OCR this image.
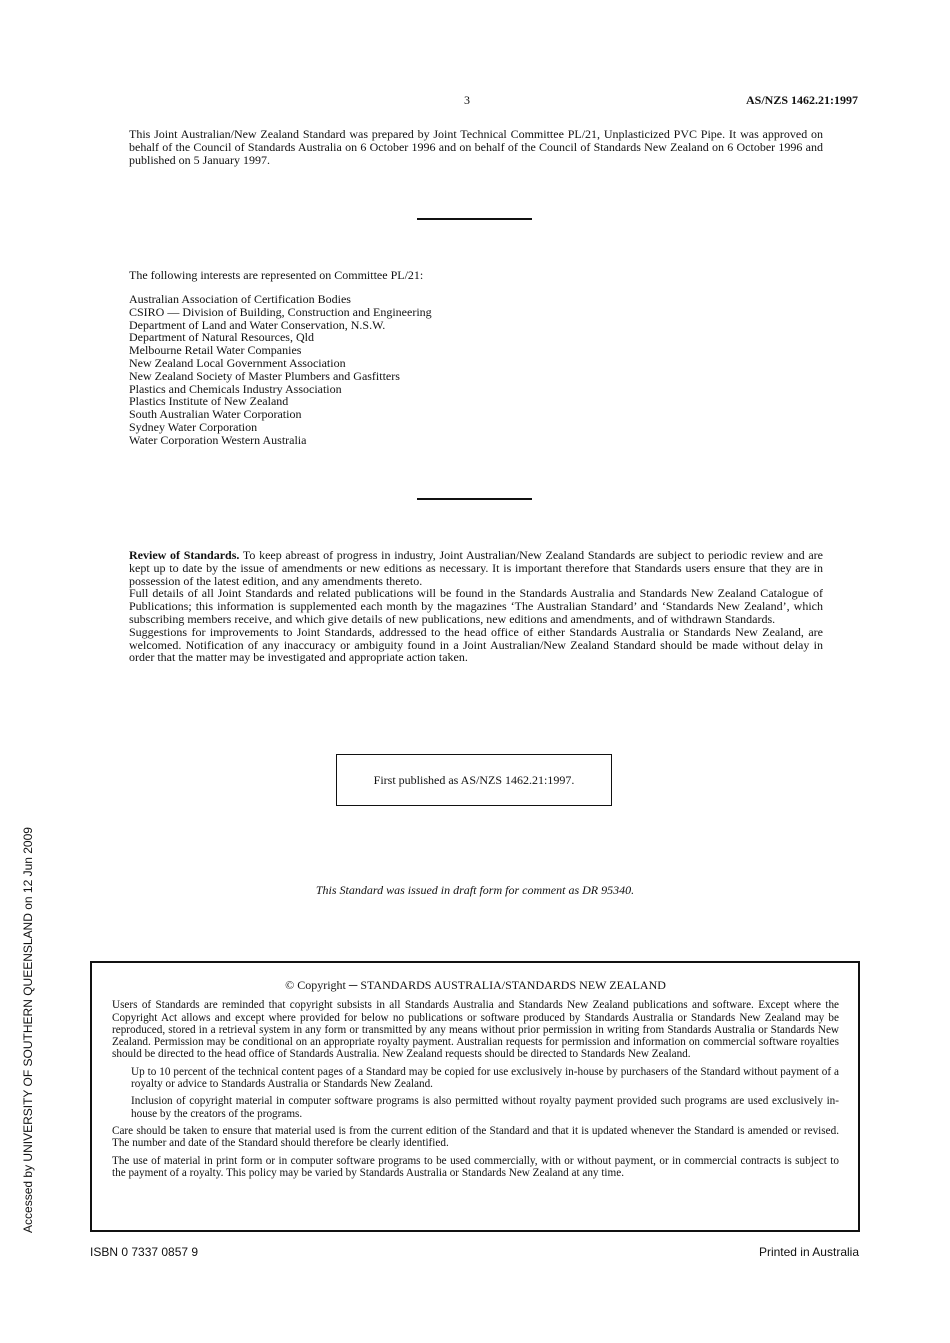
3	AS/NZS 1462.21:1997

This Joint Australian/New Zealand Standard was prepared by Joint Technical Committee PL/21, Unplasticized PVC Pipe. It was approved on behalf of the Council of Standards Australia on 6 October 1996 and on behalf of the Council of Standards New Zealand on 6 October 1996 and published on 5 January 1997.

The following interests are represented on Committee PL/21:

Australian Association of Certification Bodies
CSIRO — Division of Building, Construction and Engineering
Department of Land and Water Conservation, N.S.W.
Department of Natural Resources, Qld
Melbourne Retail Water Companies
New Zealand Local Government Association
New Zealand Society of Master Plumbers and Gasfitters
Plastics and Chemicals Industry Association
Plastics Institute of New Zealand
South Australian Water Corporation
Sydney Water Corporation
Water Corporation Western Australia

Review of Standards. To keep abreast of progress in industry, Joint Australian/New Zealand Standards are subject to periodic review and are kept up to date by the issue of amendments or new editions as necessary. It is important therefore that Standards users ensure that they are in possession of the latest edition, and any amendments thereto.

Full details of all Joint Standards and related publications will be found in the Standards Australia and Standards New Zealand Catalogue of Publications; this information is supplemented each month by the magazines ‘The Australian Standard’ and ‘Standards New Zealand’, which subscribing members receive, and which give details of new publications, new editions and amendments, and of withdrawn Standards.

Suggestions for improvements to Joint Standards, addressed to the head office of either Standards Australia or Standards New Zealand, are welcomed. Notification of any inaccuracy or ambiguity found in a Joint Australian/New Zealand Standard should be made without delay in order that the matter may be investigated and appropriate action taken.

First published as AS/NZS 1462.21:1997.
This Standard was issued in draft form for comment as DR 95340.

© Copyright ─ STANDARDS AUSTRALIA/STANDARDS NEW ZEALAND

Users of Standards are reminded that copyright subsists in all Standards Australia and Standards New Zealand publications and software. Except where the Copyright Act allows and except where provided for below no publications or software produced by Standards Australia or Standards New Zealand may be reproduced, stored in a retrieval system in any form or transmitted by any means without prior permission in writing from Standards Australia or Standards New Zealand. Permission may be conditional on an appropriate royalty payment. Australian requests for permission and information on commercial software royalties should be directed to the head office of Standards Australia. New Zealand requests should be directed to Standards New Zealand.

Up to 10 percent of the technical content pages of a Standard may be copied for use exclusively in-house by purchasers of the Standard without payment of a royalty or advice to Standards Australia or Standards New Zealand.

Inclusion of copyright material in computer software programs is also permitted without royalty payment provided such programs are used exclusively in-house by the creators of the programs.

Care should be taken to ensure that material used is from the current edition of the Standard and that it is updated whenever the Standard is amended or revised. The number and date of the Standard should therefore be clearly identified.

The use of material in print form or in computer software programs to be used commercially, with or without payment, or in commercial contracts is subject to the payment of a royalty. This policy may be varied by Standards Australia or Standards New Zealand at any time.

ISBN 0 7337 0857 9	Printed in Australia
Accessed by UNIVERSITY OF SOUTHERN QUEENSLAND on 12 Jun 2009
